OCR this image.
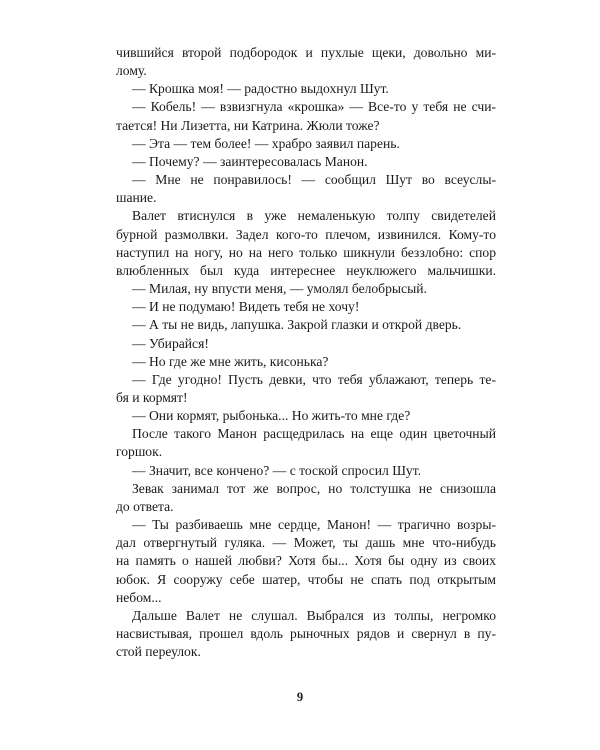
чившийся второй подбородок и пухлые щеки, довольно ми-
лому.
— Крошка моя! — радостно выдохнул Шут.
— Кобель! — взвизгнула «крошка» — Все-то у тебя не счи-
тается! Ни Лизетта, ни Катрина. Жюли тоже?
— Эта — тем более! — храбро заявил парень.
— Почему? — заинтересовалась Манон.
— Мне не понравилось! — сообщил Шут во всеуслы-
шание.
Валет втиснулся в уже немаленькую толпу свидетелей
бурной размолвки. Задел кого-то плечом, извинился. Кому-то
наступил на ногу, но на него только шикнули беззлобно: спор
влюбленных был куда интереснее неуклюжего мальчишки.
— Милая, ну впусти меня, — умолял белобрысый.
— И не подумаю! Видеть тебя не хочу!
— А ты не видь, лапушка. Закрой глазки и открой дверь.
— Убирайся!
— Но где же мне жить, кисонька?
— Где угодно! Пусть девки, что тебя ублажают, теперь те-
бя и кормят!
— Они кормят, рыбонька... Но жить-то мне где?
После такого Манон расщедрилась на еще один цветочный
горшок.
— Значит, все кончено? — с тоской спросил Шут.
Зевак занимал тот же вопрос, но толстушка не снизошла
до ответа.
— Ты разбиваешь мне сердце, Манон! — трагично возры-
дал отвергнутый гуляка. — Может, ты дашь мне что-нибудь
на память о нашей любви? Хотя бы... Хотя бы одну из своих
юбок. Я сооружу себе шатер, чтобы не спать под открытым
небом...
Дальше Валет не слушал. Выбрался из толпы, негромко
насвистывая, прошел вдоль рыночных рядов и свернул в пу-
стой переулок.
9
